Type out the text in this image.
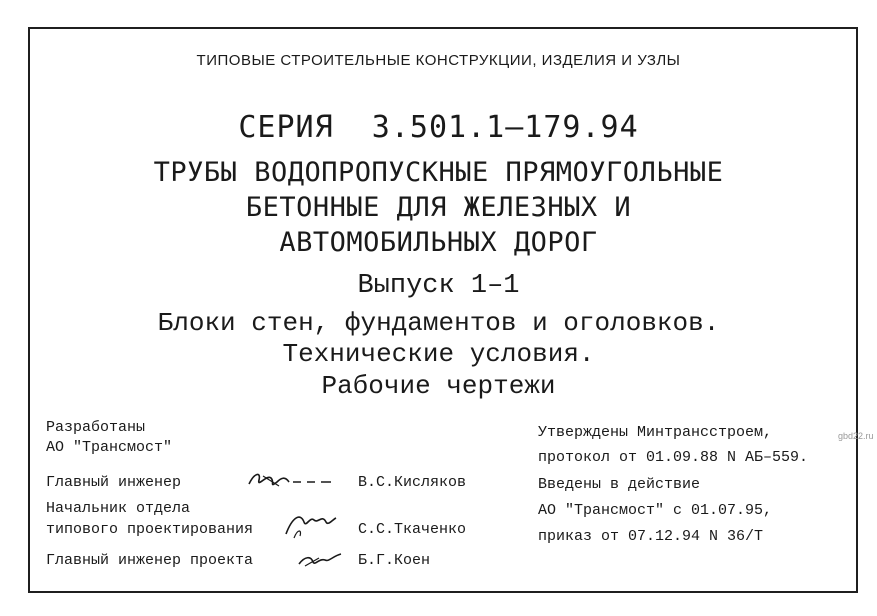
ТИПОВЫЕ СТРОИТЕЛЬНЫЕ КОНСТРУКЦИИ, ИЗДЕЛИЯ И УЗЛЫ
СЕРИЯ  3.501.1–179.94
ТРУБЫ ВОДОПРОПУСКНЫЕ ПРЯМОУГОЛЬНЫЕ
БЕТОННЫЕ ДЛЯ ЖЕЛЕЗНЫХ И
АВТОМОБИЛЬНЫХ ДОРОГ
Выпуск 1–1
Блоки стен, фундаментов и оголовков.
Технические условия.
Рабочие чертежи
Разработаны
АО "Трансмост"
Главный инженер	В.С.Кисляков
Начальник отдела
типового проектирования	С.С.Ткаченко
Главный инженер проекта	Б.Г.Коен
Утверждены Минтрансстроем,
протокол от 01.09.88 N АБ–559.
Введены в действие
АО "Трансмост" с 01.07.95,
приказ от 07.12.94 N 36/Т
gbd22.ru
